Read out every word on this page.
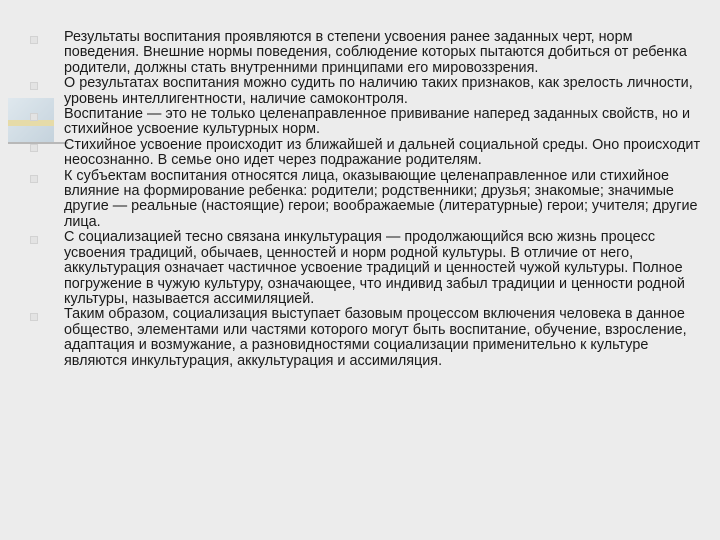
Результаты воспитания проявляются в степени усвоения ранее заданных черт, норм поведения. Внешние нормы поведения, соблюдение которых пытаются добиться от ребенка родители, должны стать внутренними принципами его мировоззрения.
О результатах воспитания можно судить по наличию таких признаков, как зрелость личности, уровень интеллигентности, наличие самоконтроля.
Воспитание — это не только целенаправленное прививание наперед заданных свойств, но и стихийное усвоение культурных норм.
Стихийное усвоение происходит из ближайшей и дальней социальной среды. Оно происходит неосознанно. В семье оно идет через подражание родителям.
К субъектам воспитания относятся лица, оказывающие целенаправленное или стихийное влияние на формирование ребенка: родители; родственники; друзья; знакомые; значимые другие — реальные (настоящие) герои; воображаемые (литературные) герои; учителя; другие лица.
С социализацией тесно связана инкультурация — продолжающийся всю жизнь процесс усвоения традиций, обычаев, ценностей и норм родной культуры. В отличие от него, аккультурация означает частичное усвоение традиций и ценностей чужой культуры. Полное погружение в чужую культуру, означающее, что индивид забыл традиции и ценности родной культуры, называется ассимиляцией.
Таким образом, социализация выступает базовым процессом включения человека в данное общество, элементами или частями которого могут быть воспитание, обучение, взросление, адаптация и возмужание, а разновидностями социализации применительно к культуре являются инкультурация, аккультурация и ассимиляция.
